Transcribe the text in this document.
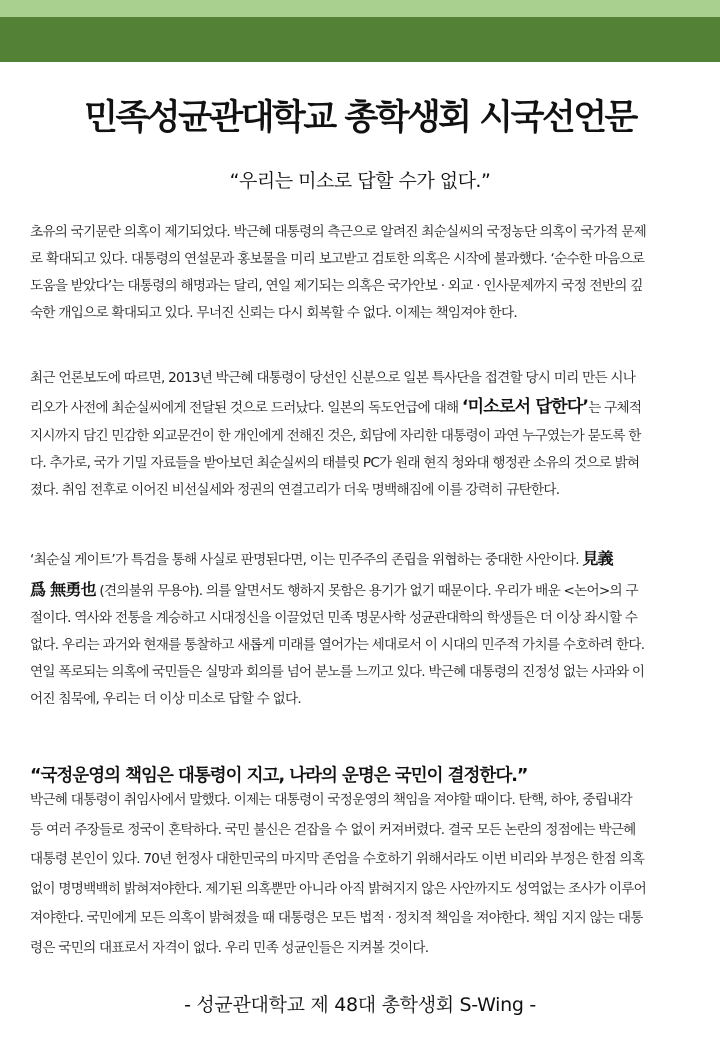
민족성균관대학교 총학생회 시국선언문
“우리는 미소로 답할 수가 없다.”
초유의 국기문란 의혹이 제기되었다. 박근혜 대통령의 측근으로 알려진 최순실씨의 국정농단 의혹이 국가적 문제
로 확대되고 있다. 대통령의 연설문과 홍보물을 미리 보고받고 검토한 의혹은 시작에 불과했다. ‘순수한 마음으로
도움을 받았다’는 대통령의 해명과는 달리, 연일 제기되는 의혹은 국가안보 · 외교 · 인사문제까지 국정 전반의 깊
숙한 개입으로 확대되고 있다. 무너진 신뢰는 다시 회복할 수 없다. 이제는 책임져야 한다.
최근 언론보도에 따르면, 2013년 박근혜 대통령이 당선인 신분으로 일본 특사단을 접견할 당시 미리 만든 시나
리오가 사전에 최순실씨에게 전달된 것으로 드러났다. 일본의 독도언급에 대해 ‘미소로서 답한다’는 구체적
지시까지 담긴 민감한 외교문건이 한 개인에게 전해진 것은, 회담에 자리한 대통령이 과연 누구였는가 묻도록 한
다. 추가로, 국가 기밀 자료들을 받아보던 최순실씨의 태블릿 PC가 원래 현직 청와대 행정관 소유의 것으로 밝혀
졌다. 취임 전후로 이어진 비선실세와 정권의 연결고리가 더욱 명백해짐에 이를 강력히 규탄한다.
‘최순실 게이트’가 특검을 통해 사실로 판명된다면, 이는 민주주의 존립을 위협하는 중대한 사안이다. 見義
爲 無勇也 (견의불위 무용야). 의를 알면서도 행하지 못함은 용기가 없기 때문이다. 우리가 배운 <논어>의 구
절이다. 역사와 전통을 계승하고 시대정신을 이끌었던 민족 명문사학 성균관대학의 학생들은 더 이상 좌시할 수
없다. 우리는 과거와 현재를 통찰하고 새롭게 미래를 열어가는 세대로서 이 시대의 민주적 가치를 수호하려 한다.
연일 폭로되는 의혹에 국민들은 실망과 회의를 넘어 분노를 느끼고 있다. 박근혜 대통령의 진정성 없는 사과와 이
어진 침묵에, 우리는 더 이상 미소로 답할 수 없다.
“국정운영의 책임은 대통령이 지고, 나라의 운명은 국민이 결정한다.”
박근혜 대통령이 취임사에서 말했다. 이제는 대통령이 국정운영의 책임을 져야할 때이다. 탄핵, 하야, 중립내각
등 여러 주장들로 정국이 혼탁하다. 국민 불신은 걷잡을 수 없이 커져버렸다. 결국 모든 논란의 정점에는 박근혜
대통령 본인이 있다. 70년 헌정사 대한민국의 마지막 존엄을 수호하기 위해서라도 이번 비리와 부정은 한점 의혹
없이 명명백백히 밝혀져야한다. 제기된 의혹뿐만 아니라 아직 밝혀지지 않은 사안까지도 성역없는 조사가 이루어
져야한다. 국민에게 모든 의혹이 밝혀졌을 때 대통령은 모든 법적 · 정치적 책임을 져야한다. 책임 지지 않는 대통
령은 국민의 대표로서 자격이 없다. 우리 민족 성균인들은 지켜볼 것이다.
- 성균관대학교 제 48대 총학생회 S-Wing -
